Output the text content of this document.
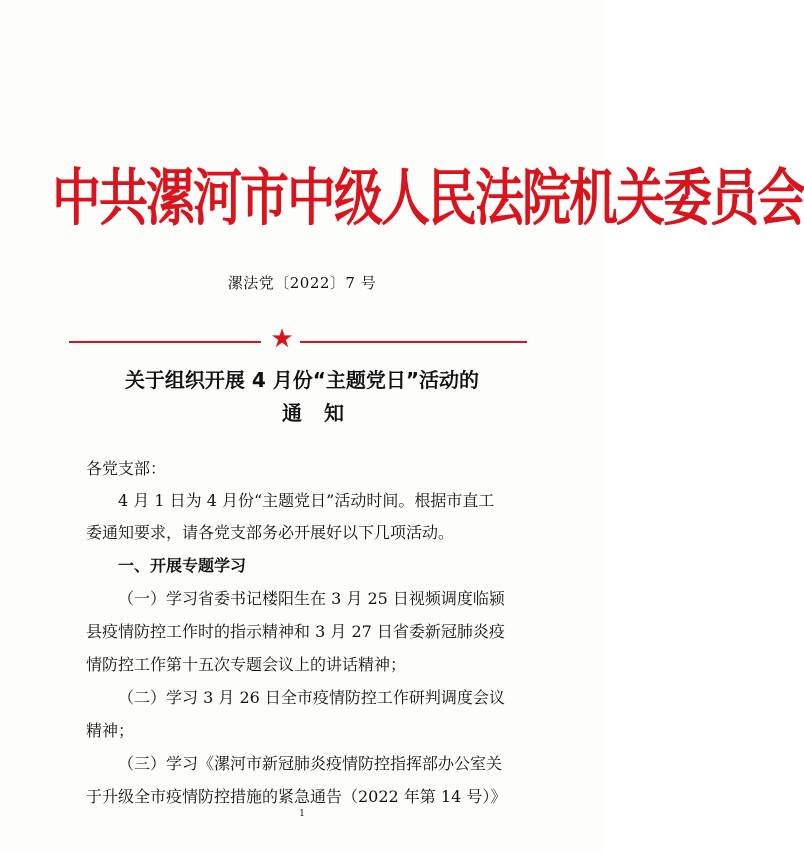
中共漯河市中级人民法院机关委员会
漯法党〔2022〕7 号
★
关于组织开展 4 月份“主题党日”活动的
通知
各党支部：
4 月 1 日为 4 月份“主题党日”活动时间。根据市直工
委通知要求，请各党支部务必开展好以下几项活动。
一、开展专题学习
（一）学习省委书记楼阳生在 3 月 25 日视频调度临颍
县疫情防控工作时的指示精神和 3 月 27 日省委新冠肺炎疫
情防控工作第十五次专题会议上的讲话精神；
（二）学习 3 月 26 日全市疫情防控工作研判调度会议
精神；
（三）学习《漯河市新冠肺炎疫情防控指挥部办公室关
于升级全市疫情防控措施的紧急通告（2022 年第 14 号）》
1
